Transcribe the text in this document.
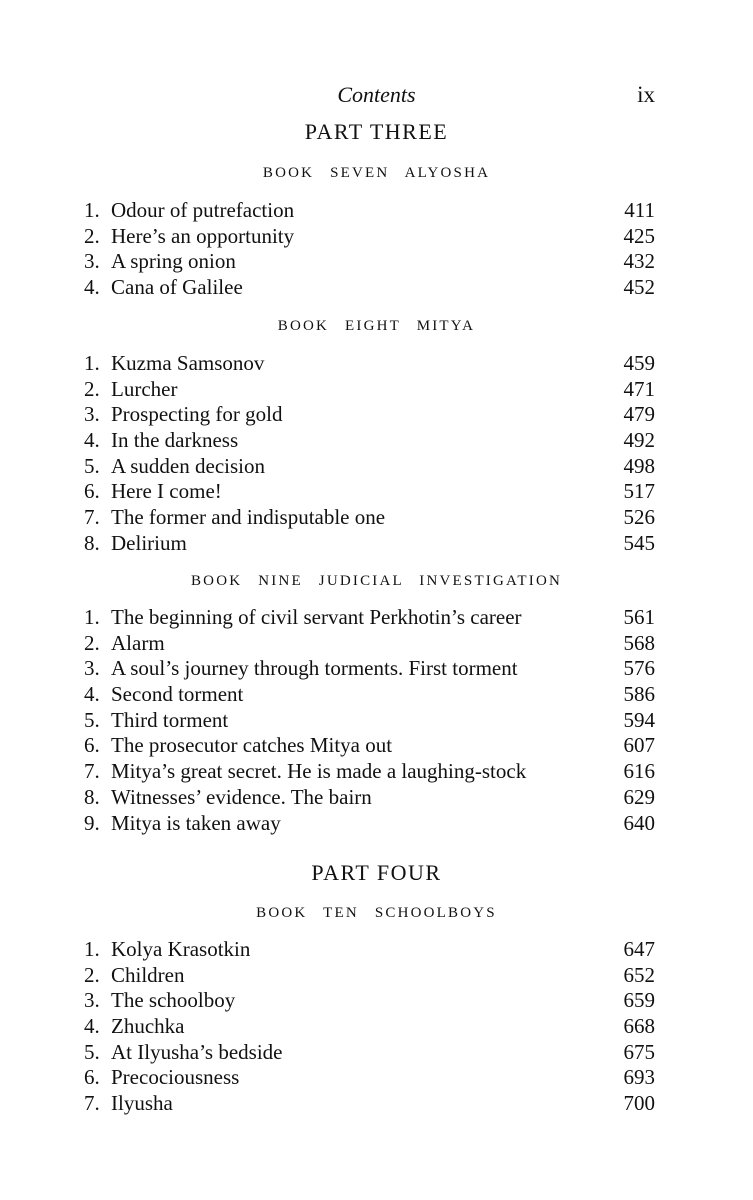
Contents	ix
PART THREE
BOOK SEVEN ALYOSHA
1. Odour of putrefaction	411
2. Here’s an opportunity	425
3. A spring onion	432
4. Cana of Galilee	452
BOOK EIGHT MITYA
1. Kuzma Samsonov	459
2. Lurcher	471
3. Prospecting for gold	479
4. In the darkness	492
5. A sudden decision	498
6. Here I come!	517
7. The former and indisputable one	526
8. Delirium	545
BOOK NINE JUDICIAL INVESTIGATION
1. The beginning of civil servant Perkhotin’s career	561
2. Alarm	568
3. A soul’s journey through torments. First torment	576
4. Second torment	586
5. Third torment	594
6. The prosecutor catches Mitya out	607
7. Mitya’s great secret. He is made a laughing-stock	616
8. Witnesses’ evidence. The bairn	629
9. Mitya is taken away	640
PART FOUR
BOOK TEN SCHOOLBOYS
1. Kolya Krasotkin	647
2. Children	652
3. The schoolboy	659
4. Zhuchka	668
5. At Ilyusha’s bedside	675
6. Precociousness	693
7. Ilyusha	700
